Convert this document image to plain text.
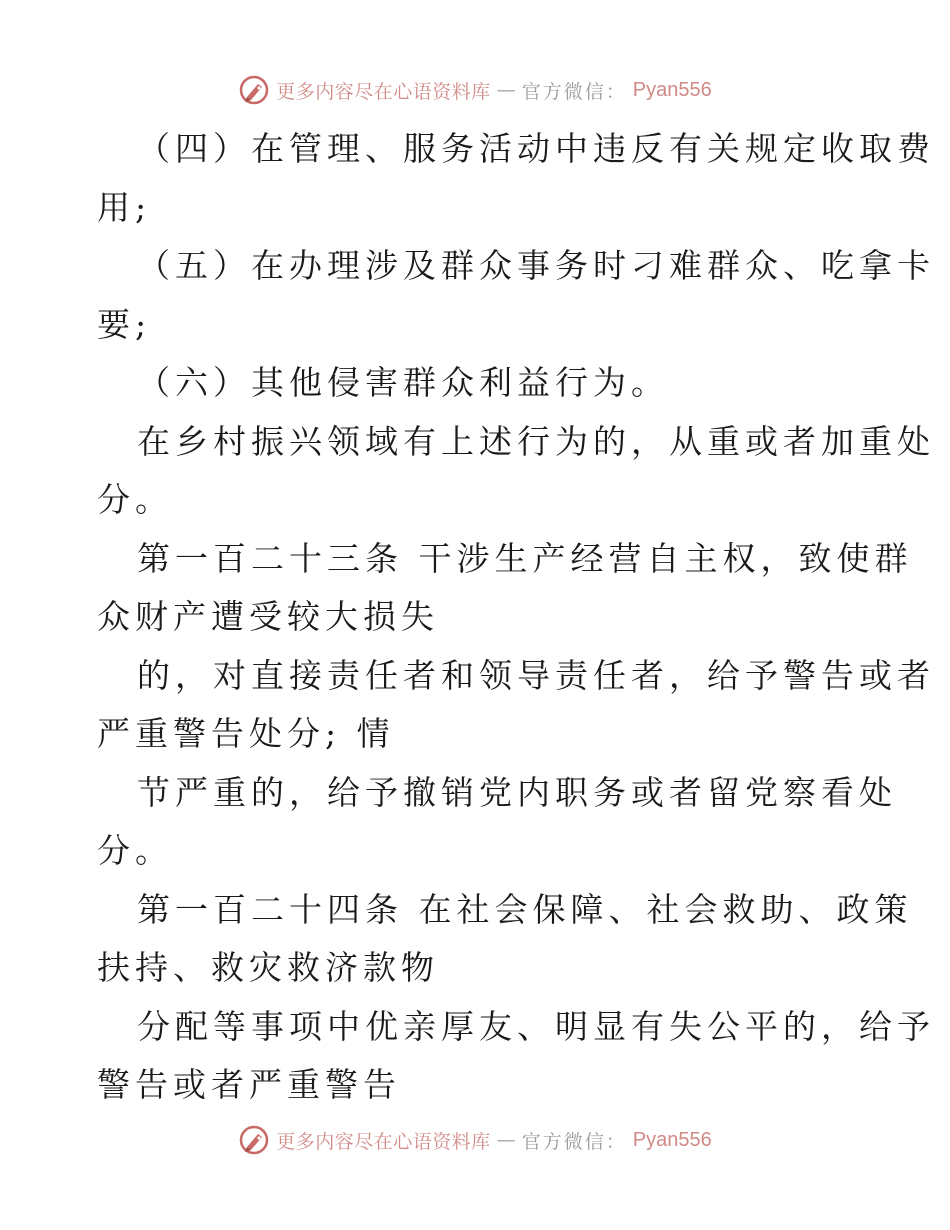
更多内容尽在心语资料库 — 官方微信： Pyan556
（四）在管理、服务活动中违反有关规定收取费
用;
（五）在办理涉及群众事务时刁难群众、吃拿卡
要;
（六）其他侵害群众利益行为。
在乡村振兴领域有上述行为的，从重或者加重处
分。
第一百二十三条 干涉生产经营自主权，致使群
众财产遭受较大损失
的，对直接责任者和领导责任者，给予警告或者
严重警告处分; 情
节严重的，给予撤销党内职务或者留党察看处
分。
第一百二十四条 在社会保障、社会救助、政策
扶持、救灾救济款物
分配等事项中优亲厚友、明显有失公平的，给予
警告或者严重警告
更多内容尽在心语资料库 — 官方微信： Pyan556
